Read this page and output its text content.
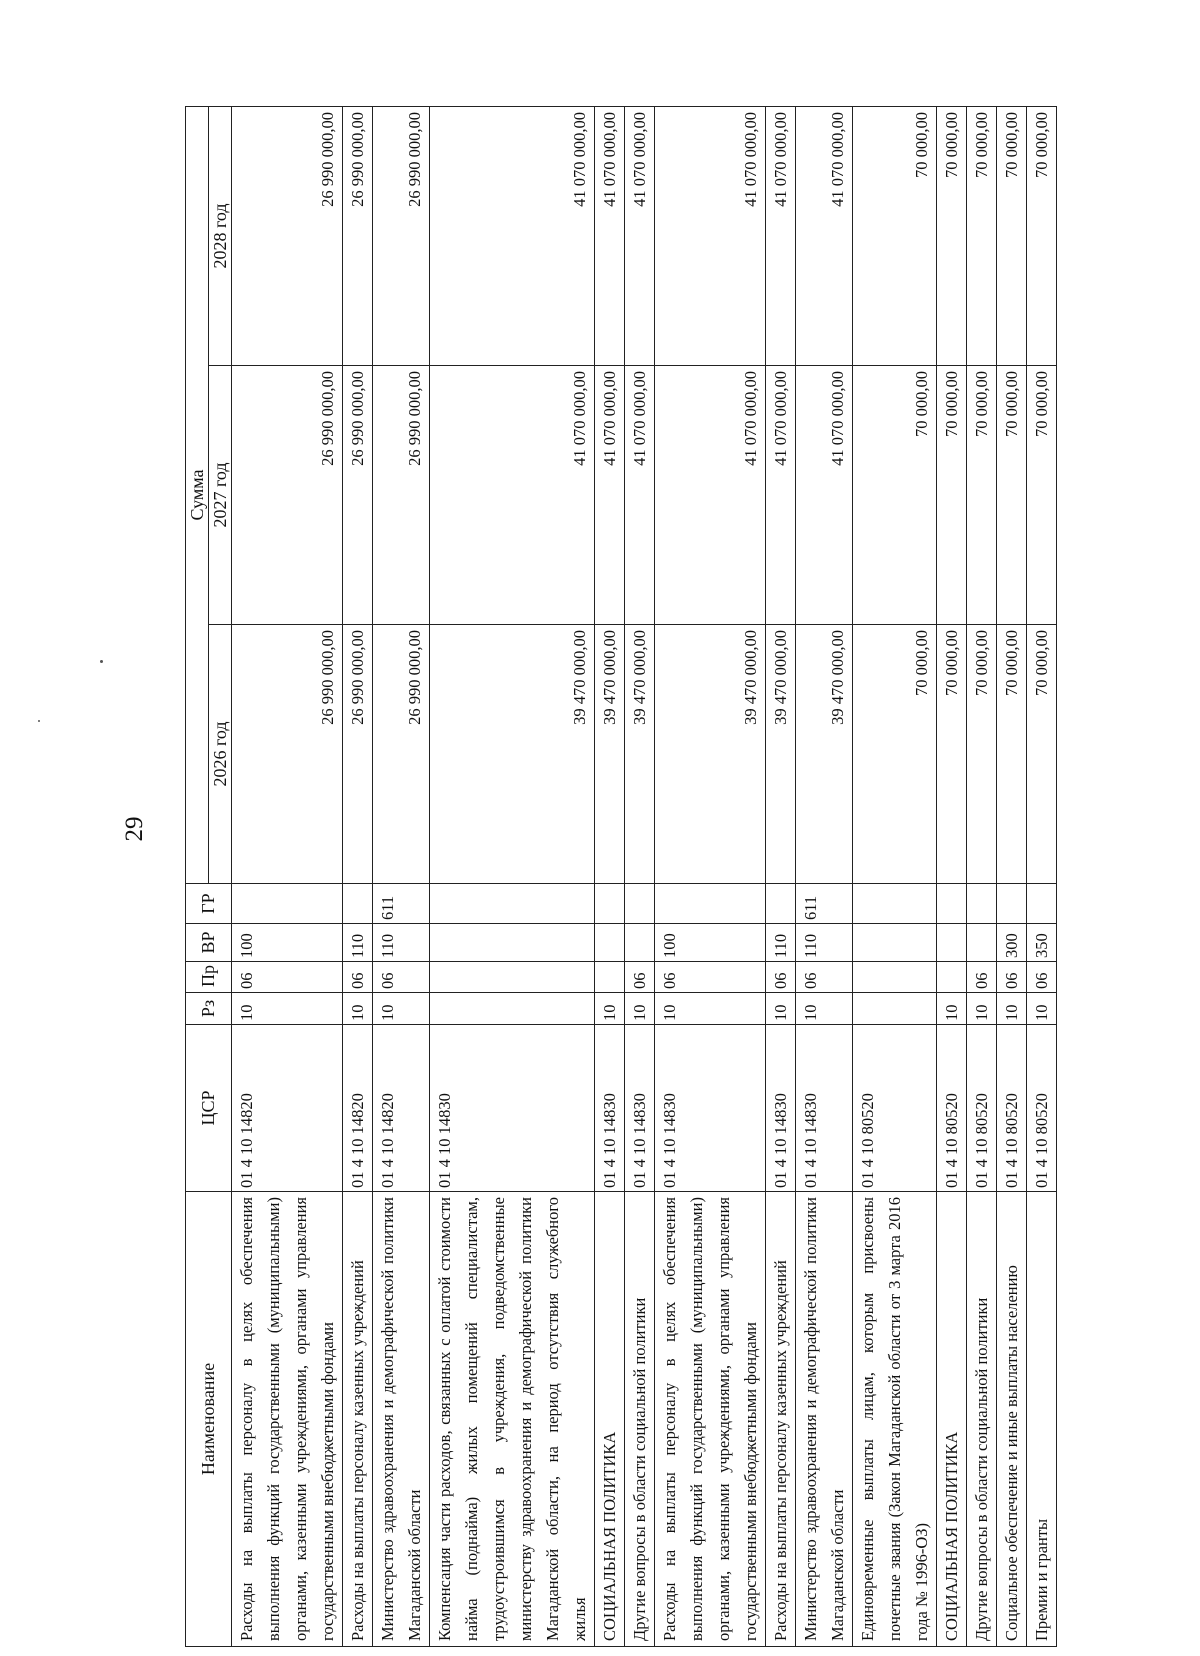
29
Наименование	ЦСР	Рз	Пр	ВР	ГР	Сумма		
						2026 год	2027 год	2028 год
Расходы на выплаты персоналу в целях обеспечения выполнения функций государственными (муниципальными) органами, казенными учреждениями, органами управления государственными внебюджетными фондами	01 4 10 14820	10	06	100		26 990 000,00	26 990 000,00	26 990 000,00
Расходы на выплаты персоналу казенных учреждений	01 4 10 14820	10	06	110		26 990 000,00	26 990 000,00	26 990 000,00
Министерство здравоохранения и демографической политики Магаданской области	01 4 10 14820	10	06	110	611	26 990 000,00	26 990 000,00	26 990 000,00
Компенсация части расходов, связанных с оплатой стоимости найма (поднайма) жилых помещений специалистам, трудоустроившимся в учреждения, подведомственные министерству здравоохранения и демографической политики Магаданской области, на период отсутствия служебного жилья	01 4 10 14830					39 470 000,00	41 070 000,00	41 070 000,00
СОЦИАЛЬНАЯ ПОЛИТИКА	01 4 10 14830	10				39 470 000,00	41 070 000,00	41 070 000,00
Другие вопросы в области социальной политики	01 4 10 14830	10	06			39 470 000,00	41 070 000,00	41 070 000,00
Расходы на выплаты персоналу в целях обеспечения выполнения функций государственными (муниципальными) органами, казенными учреждениями, органами управления государственными внебюджетными фондами	01 4 10 14830	10	06	100		39 470 000,00	41 070 000,00	41 070 000,00
Расходы на выплаты персоналу казенных учреждений	01 4 10 14830	10	06	110		39 470 000,00	41 070 000,00	41 070 000,00
Министерство здравоохранения и демографической политики Магаданской области	01 4 10 14830	10	06	110	611	39 470 000,00	41 070 000,00	41 070 000,00
Единовременные выплаты лицам, которым присвоены почетные звания (Закон Магаданской области от 3 марта 2016 года № 1996-ОЗ)	01 4 10 80520					70 000,00	70 000,00	70 000,00
СОЦИАЛЬНАЯ ПОЛИТИКА	01 4 10 80520	10				70 000,00	70 000,00	70 000,00
Другие вопросы в области социальной политики	01 4 10 80520	10	06			70 000,00	70 000,00	70 000,00
Социальное обеспечение и иные выплаты населению	01 4 10 80520	10	06	300		70 000,00	70 000,00	70 000,00
Премии и гранты	01 4 10 80520	10	06	350		70 000,00	70 000,00	70 000,00
